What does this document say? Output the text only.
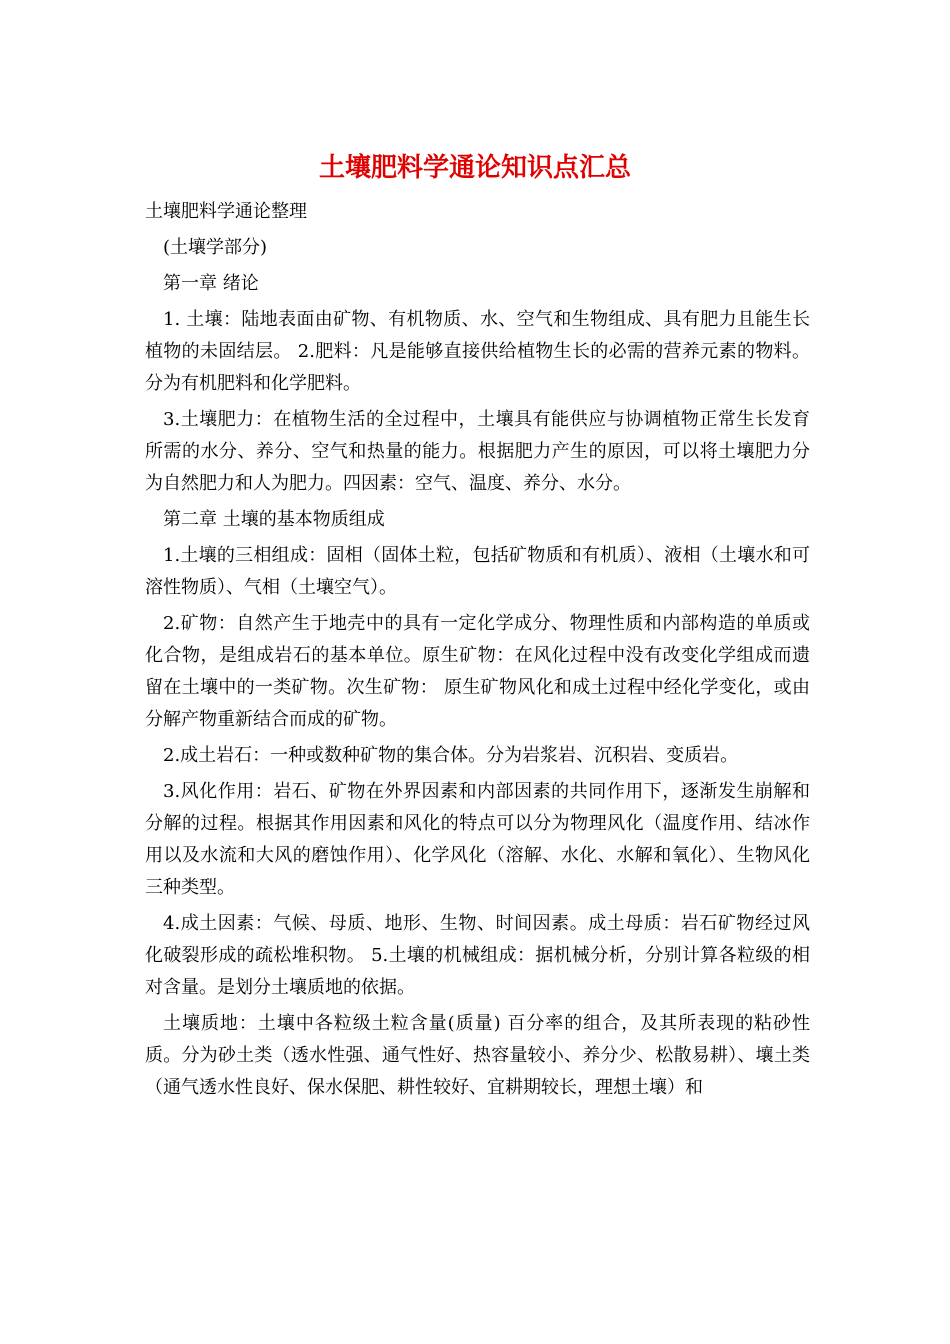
土壤肥料学通论知识点汇总

土壤肥料学通论整理

(土壤学部分)

第一章 绪论

1. 土壤：陆地表面由矿物、有机物质、水、空气和生物组成、具有肥力且能生长植物的未固结层。 2.肥料：凡是能够直接供给植物生长的必需的营养元素的物料。分为有机肥料和化学肥料。

3.土壤肥力：在植物生活的全过程中，土壤具有能供应与协调植物正常生长发育所需的水分、养分、空气和热量的能力。根据肥力产生的原因，可以将土壤肥力分为自然肥力和人为肥力。四因素：空气、温度、养分、水分。

第二章 土壤的基本物质组成

1.土壤的三相组成：固相（固体土粒，包括矿物质和有机质）、液相（土壤水和可溶性物质）、气相（土壤空气）。

2.矿物：自然产生于地壳中的具有一定化学成分、物理性质和内部构造的单质或化合物，是组成岩石的基本单位。原生矿物：在风化过程中没有改变化学组成而遗留在土壤中的一类矿物。次生矿物： 原生矿物风化和成土过程中经化学变化，或由分解产物重新结合而成的矿物。

2.成土岩石：一种或数种矿物的集合体。分为岩浆岩、沉积岩、变质岩。

3.风化作用：岩石、矿物在外界因素和内部因素的共同作用下，逐渐发生崩解和分解的过程。根据其作用因素和风化的特点可以分为物理风化（温度作用、结冰作用以及水流和大风的磨蚀作用）、化学风化（溶解、水化、水解和氧化）、生物风化三种类型。

4.成土因素：气候、母质、地形、生物、时间因素。成土母质：岩石矿物经过风化破裂形成的疏松堆积物。 5.土壤的机械组成：据机械分析，分别计算各粒级的相对含量。是划分土壤质地的依据。

土壤质地：土壤中各粒级土粒含量(质量) 百分率的组合，及其所表现的粘砂性质。分为砂土类（透水性强、通气性好、热容量较小、养分少、松散易耕）、壤土类（通气透水性良好、保水保肥、耕性较好、宜耕期较长，理想土壤）和
